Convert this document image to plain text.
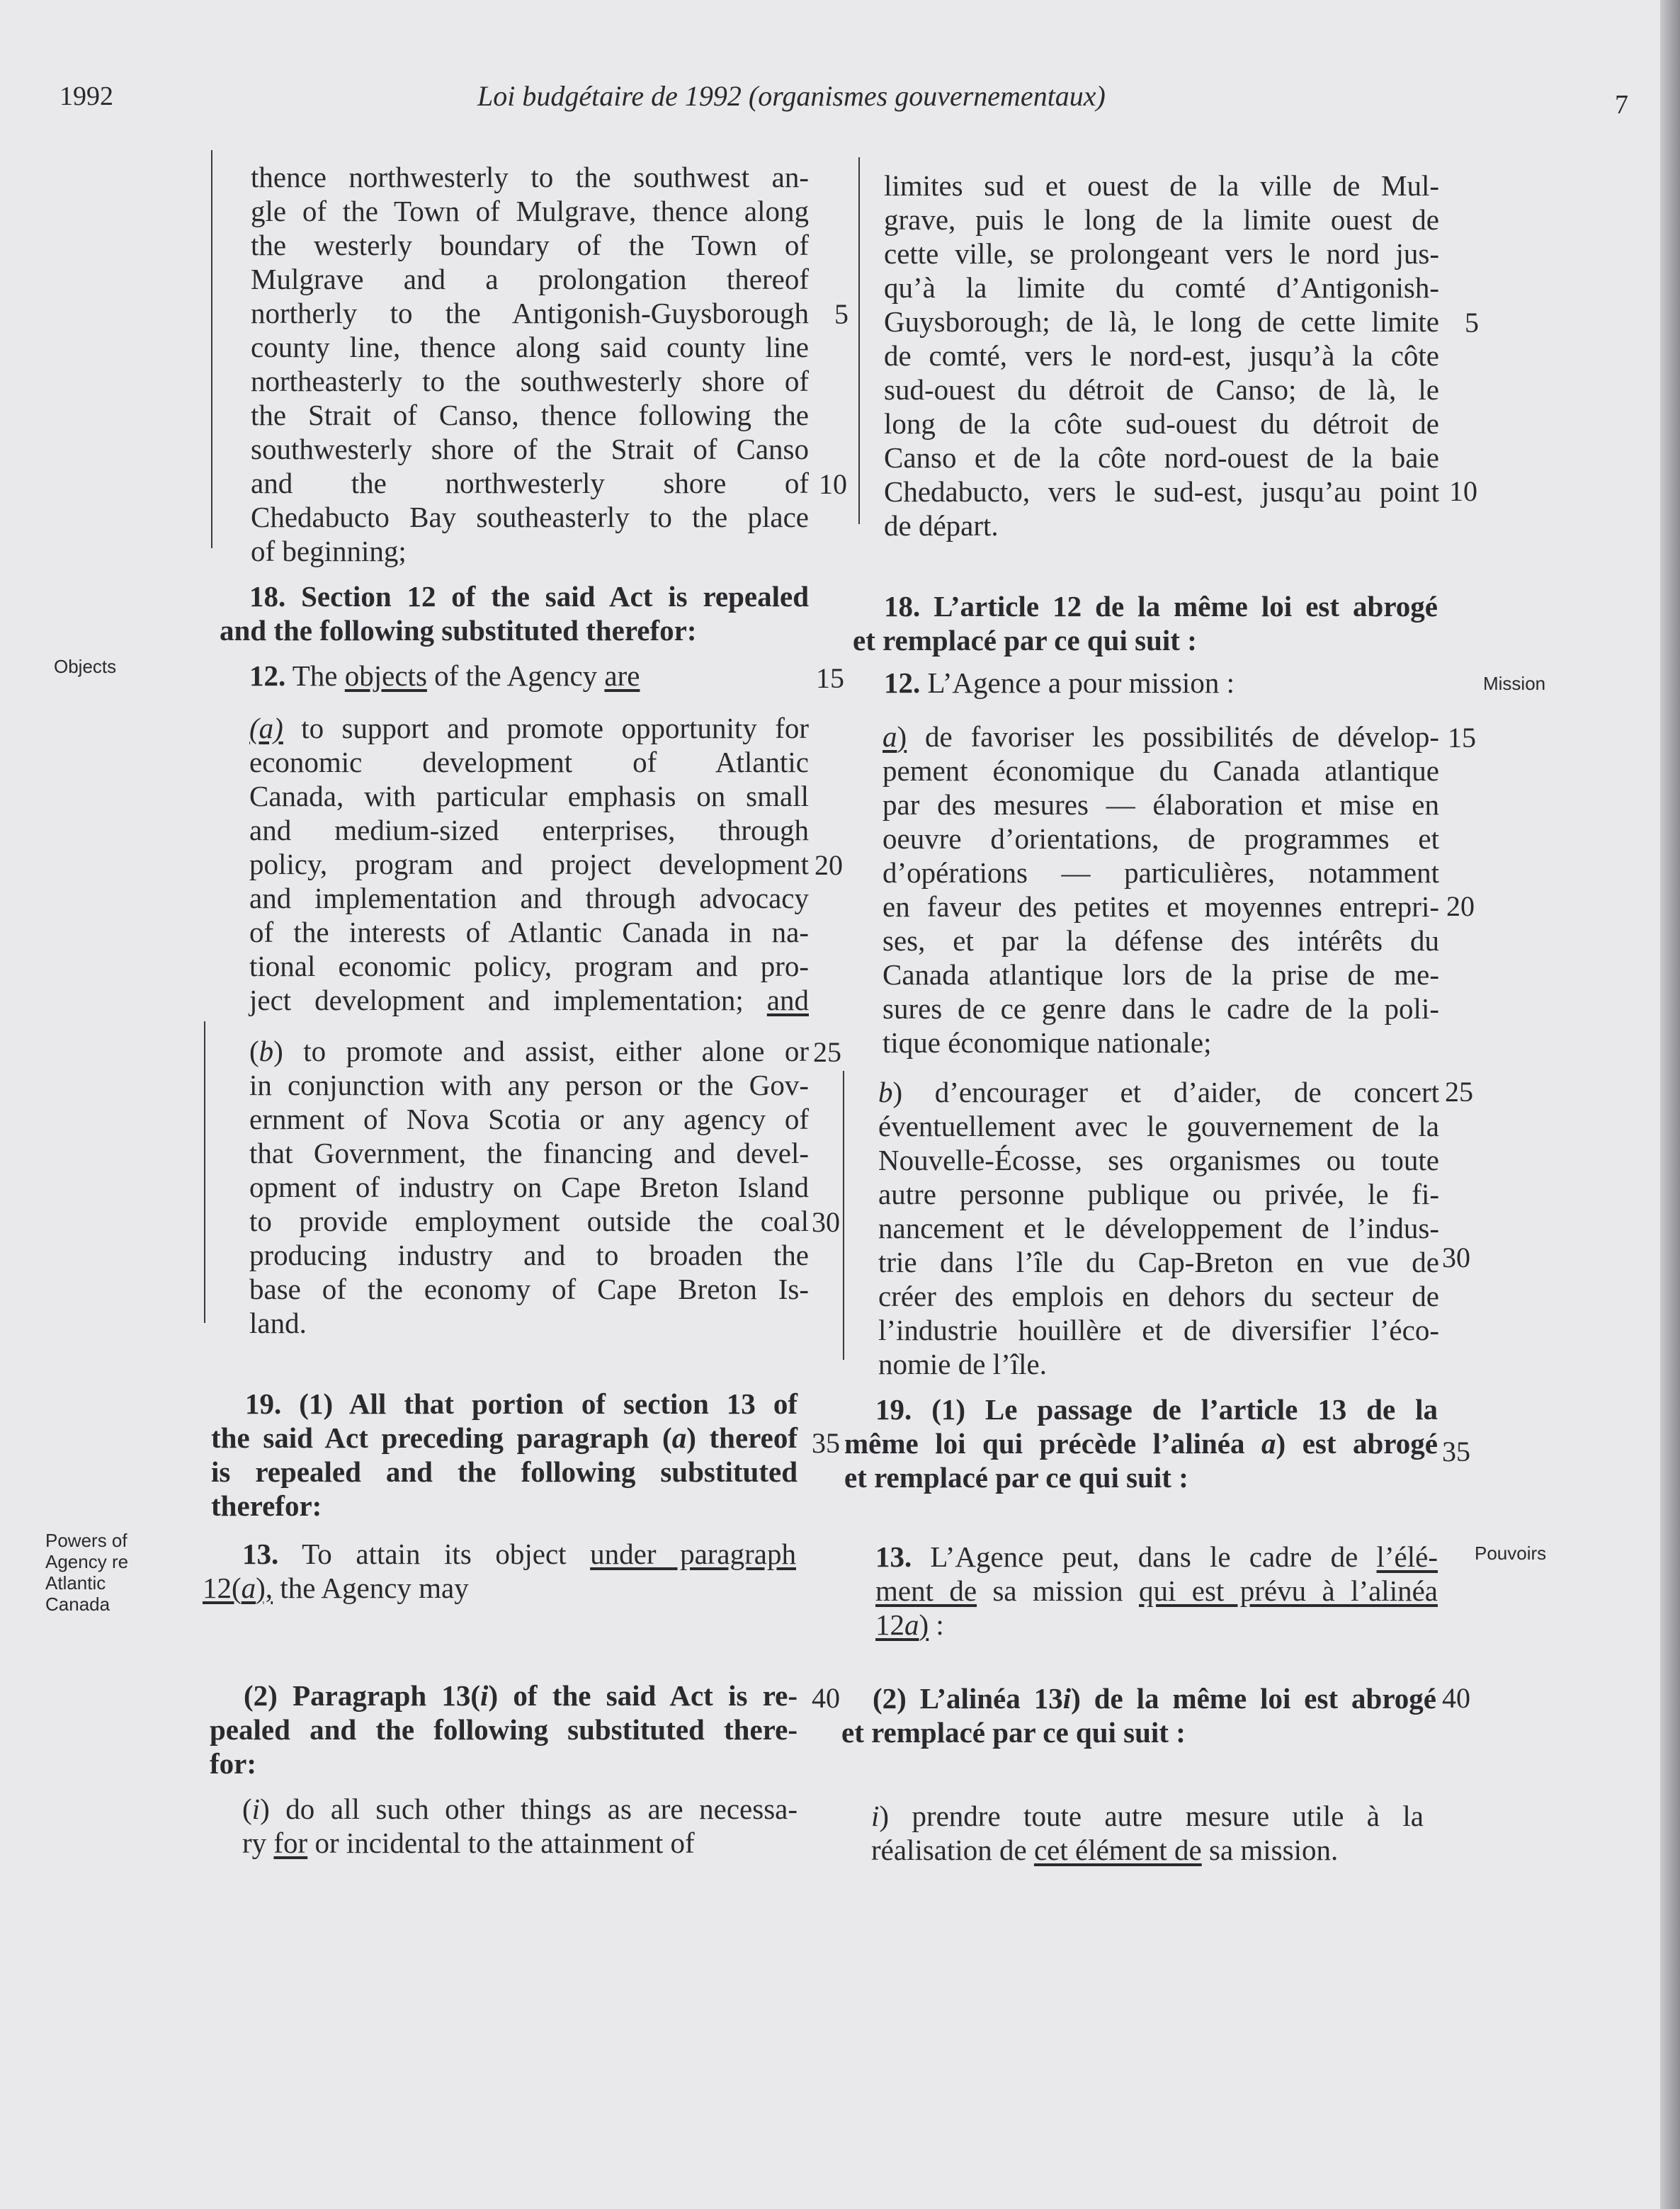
1992	Loi budgétaire de 1992 (organismes gouvernementaux)	7
Objects
Powers of
Agency re
Atlantic
Canada
Mission
Pouvoirs
5
10
15
20
25
30
35
40
5
10
15
20
25
30
35
40

thence northwesterly to the southwest an-

gle of the Town of Mulgrave, thence along

the westerly boundary of the Town of

Mulgrave and a prolongation thereof

northerly to the Antigonish-Guysborough

county line, thence along said county line

northeasterly to the southwesterly shore of

the Strait of Canso, thence following the

southwesterly shore of the Strait of Canso

and the northwesterly shore of

Chedabucto Bay southeasterly to the place

of beginning;

18. Section 12 of the said Act is repealed

and the following substituted therefor:

12. The objects of the Agency are

(a) to support and promote opportunity for

economic development of Atlantic

Canada, with particular emphasis on small

and medium-sized enterprises, through

policy, program and project development

and implementation and through advocacy

of the interests of Atlantic Canada in na-

tional economic policy, program and pro-

ject development and implementation; and

(b) to promote and assist, either alone or

in conjunction with any person or the Gov-

ernment of Nova Scotia or any agency of

that Government, the financing and devel-

opment of industry on Cape Breton Island

to provide employment outside the coal

producing industry and to broaden the

base of the economy of Cape Breton Is-

land.

19. (1) All that portion of section 13 of

the said Act preceding paragraph (a) thereof

is repealed and the following substituted

therefor:

13. To attain its object under paragraph

12(a), the Agency may

(2) Paragraph 13(i) of the said Act is re-

pealed and the following substituted there-

for:

(i) do all such other things as are necessa-

ry for or incidental to the attainment of

limites sud et ouest de la ville de Mul-

grave, puis le long de la limite ouest de

cette ville, se prolongeant vers le nord jus-

qu’à la limite du comté d’Antigonish-

Guysborough; de là, le long de cette limite

de comté, vers le nord-est, jusqu’à la côte

sud-ouest du détroit de Canso; de là, le

long de la côte sud-ouest du détroit de

Canso et de la côte nord-ouest de la baie

Chedabucto, vers le sud-est, jusqu’au point

de départ.

18. L’article 12 de la même loi est abrogé

et remplacé par ce qui suit :

12. L’Agence a pour mission :

a) de favoriser les possibilités de dévelop-

pement économique du Canada atlantique

par des mesures — élaboration et mise en

oeuvre d’orientations, de programmes et

d’opérations — particulières, notamment

en faveur des petites et moyennes entrepri-

ses, et par la défense des intérêts du

Canada atlantique lors de la prise de me-

sures de ce genre dans le cadre de la poli-

tique économique nationale;

b) d’encourager et d’aider, de concert

éventuellement avec le gouvernement de la

Nouvelle-Écosse, ses organismes ou toute

autre personne publique ou privée, le fi-

nancement et le développement de l’indus-

trie dans l’île du Cap-Breton en vue de

créer des emplois en dehors du secteur de

l’industrie houillère et de diversifier l’éco-

nomie de l’île.

19. (1) Le passage de l’article 13 de la

même loi qui précède l’alinéa a) est abrogé

et remplacé par ce qui suit :

13. L’Agence peut, dans le cadre de l’élé-

ment de sa mission qui est prévu à l’alinéa

12a) :

(2) L’alinéa 13i) de la même loi est abrogé

et remplacé par ce qui suit :

i) prendre toute autre mesure utile à la

réalisation de cet élément de sa mission.
